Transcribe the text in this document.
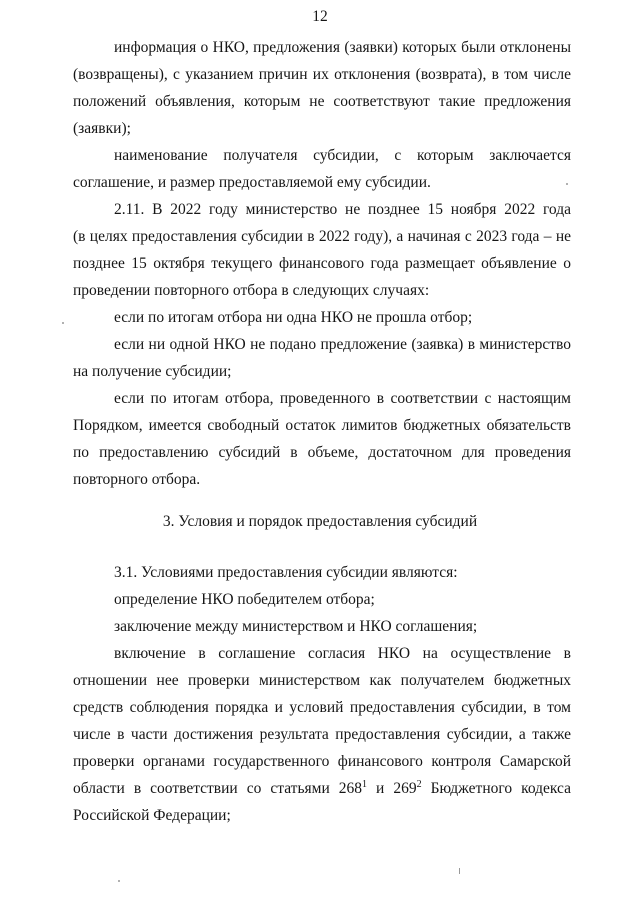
12
информация о НКО, предложения (заявки) которых были отклонены
(возвращены), с указанием причин их отклонения (возврата), в том числе
положений объявления, которым не соответствуют такие предложения
(заявки);
наименование получателя субсидии, с которым заключается
соглашение, и размер предоставляемой ему субсидии.
2.11. В 2022 году министерство не позднее 15 ноября 2022 года
(в целях предоставления субсидии в 2022 году), а начиная с 2023 года – не
позднее 15 октября текущего финансового года размещает объявление о
проведении повторного отбора в следующих случаях:
если по итогам отбора ни одна НКО не прошла отбор;
если ни одной НКО не подано предложение (заявка) в министерство
на получение субсидии;
если по итогам отбора, проведенного в соответствии с настоящим
Порядком, имеется свободный остаток лимитов бюджетных обязательств
по предоставлению субсидий в объеме, достаточном для проведения
повторного отбора.
3. Условия и порядок предоставления субсидий
3.1. Условиями предоставления субсидии являются:
определение НКО победителем отбора;
заключение между министерством и НКО соглашения;
включение в соглашение согласия НКО на осуществление в
отношении нее проверки министерством как получателем бюджетных
средств соблюдения порядка и условий предоставления субсидии, в том
числе в части достижения результата предоставления субсидии, а также
проверки органами государственного финансового контроля Самарской
области в соответствии со статьями $268^1$ и $269^2$ Бюджетного кодекса
Российской Федерации;
